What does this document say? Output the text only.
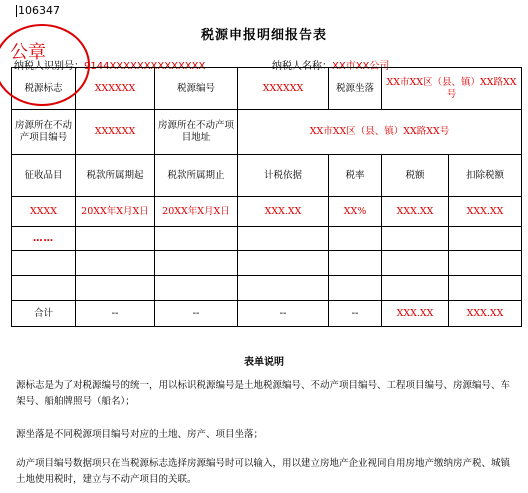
106347
税源申报明细报告表
纳税人识别号：9144XXXXXXXXXXXXXX	纳税人名称：XX市XX公司
税源标志	XXXXXX	税源编号	XXXXXX	税源坐落	XX市XX区（县、镇）XX路XX号	
房源所在不动产项目编号	XXXXXX	房源所在不动产项目地址	XX市XX区（县、镇）XX路XX号			
征收品目	税款所属期起	税款所属期止	计税依据	税率	税额	扣除税额
XXXX	20XX年X月X日	20XX年X月X日	XXX.XX	XX%	XXX.XX	XXX.XX
……						

合计	--	--	--	--	XXX.XX	XXX.XX
公章
表单说明
源标志是为了对税源编号的统一，用以标识税源编号是土地税源编号、不动产项目编号、工程项目编号、房源编号、车架号、船舶牌照号（船名）；
源坐落是不同税源项目编号对应的土地、房产、项目坐落；
动产项目编号数据项只在当税源标志选择房源编号时可以输入，用以建立房地产企业视同自用房地产缴纳房产税、城镇土地使用税时，建立与不动产项目的关联。
